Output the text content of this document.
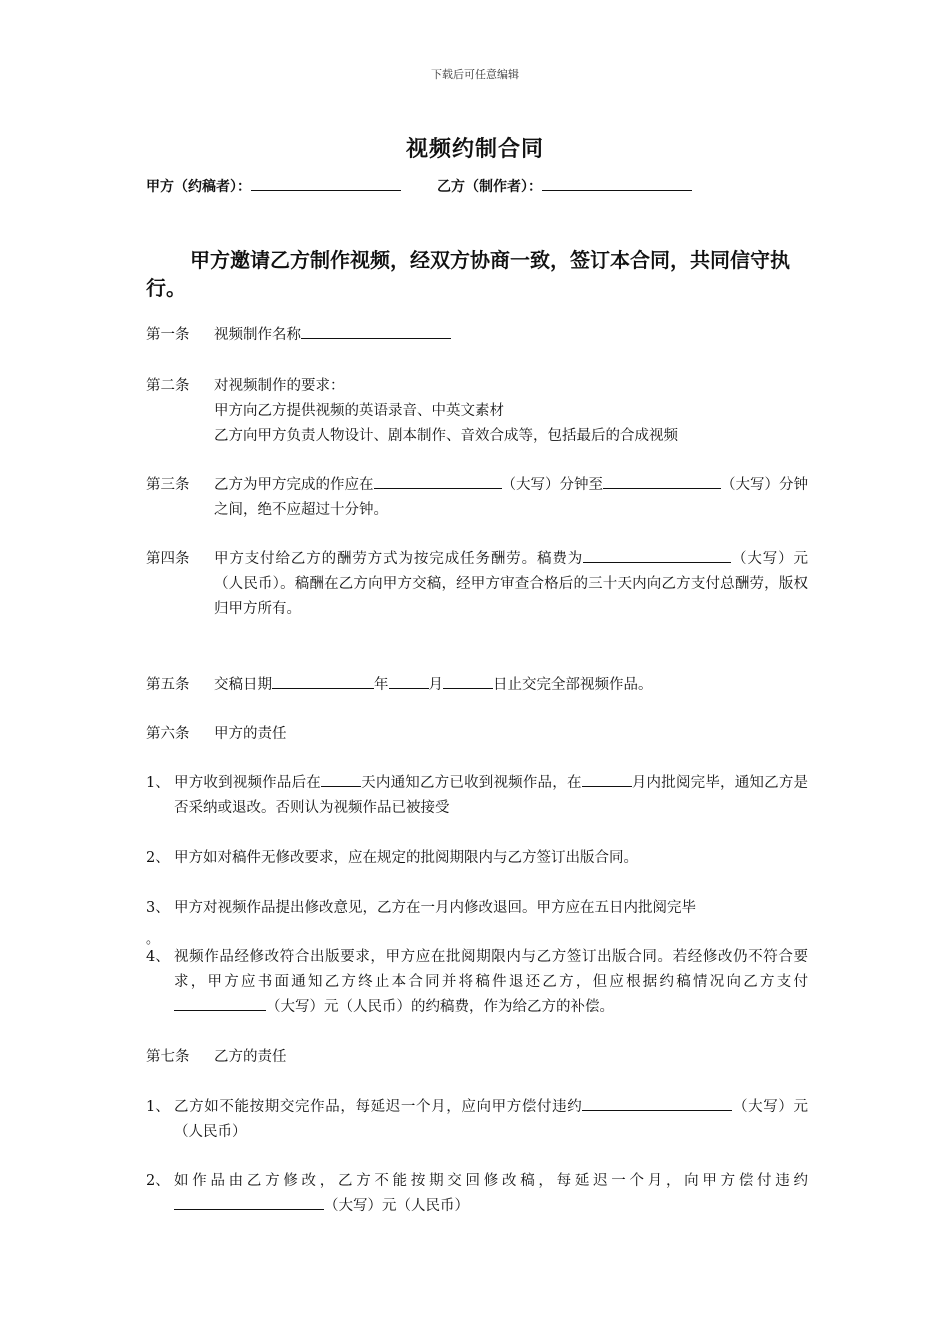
下载后可任意编辑
视频约制合同
甲方（约稿者）：	乙方（制作者）：
甲方邀请乙方制作视频，经双方协商一致，签订本合同，共同信守执行。
第一条 视频制作名称
第二条 对视频制作的要求：
甲方向乙方提供视频的英语录音、中英文素材
乙方向甲方负责人物设计、剧本制作、音效合成等，包括最后的合成视频
第三条 乙方为甲方完成的作应在	（大写）分钟至	（大写）分钟之间，绝不应超过十分钟。
第四条 甲方支付给乙方的酬劳方式为按完成任务酬劳。稿费为	（大写）元（人民币）。稿酬在乙方向甲方交稿，经甲方审查合格后的三十天内向乙方支付总酬劳，版权归甲方所有。
第五条 交稿日期	年	月	日止交完全部视频作品。
第六条 甲方的责任
1、 甲方收到视频作品后在	天内通知乙方已收到视频作品，在	月内批阅完毕，通知乙方是否采纳或退改。否则认为视频作品已被接受
2、 甲方如对稿件无修改要求，应在规定的批阅期限内与乙方签订出版合同。
3、 甲方对视频作品提出修改意见，乙方在一月内修改退回。甲方应在五日内批阅完毕
。
4、 视频作品经修改符合出版要求，甲方应在批阅期限内与乙方签订出版合同。若经修改仍不符合要求，甲方应书面通知乙方终止本合同并将稿件退还乙方，但应根据约稿情况向乙方支付（大写）元（人民币）的约稿费，作为给乙方的补偿。
第七条 乙方的责任
1、 乙方如不能按期交完作品，每延迟一个月，应向甲方偿付违约	（大写）元（人民币）
2、 如作品由乙方修改，乙方不能按期交回修改稿，每延迟一个月，向甲方偿付违约（大写）元（人民币）
